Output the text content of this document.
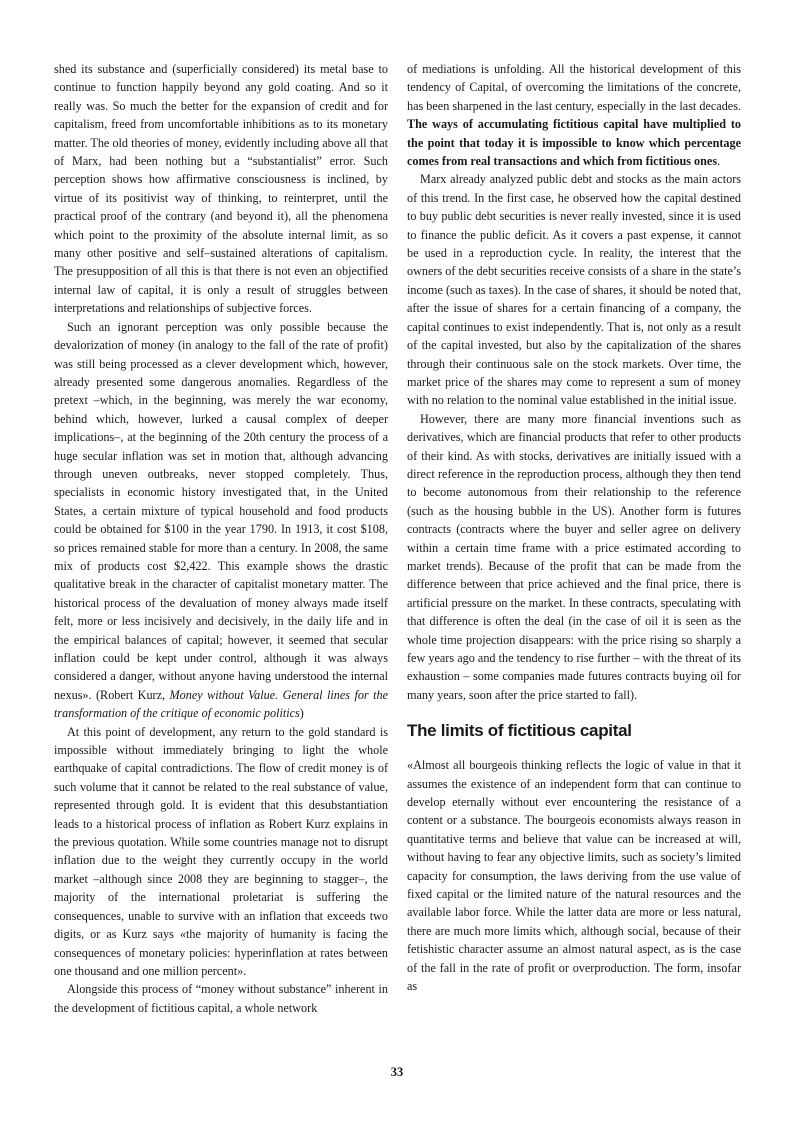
shed its substance and (superficially considered) its metal base to continue to function happily beyond any gold coating. And so it really was. So much the better for the expansion of credit and for capitalism, freed from uncomfortable inhibitions as to its monetary matter. The old theories of money, evidently including above all that of Marx, had been nothing but a “substantialist” error. Such perception shows how affirmative consciousness is inclined, by virtue of its positivist way of thinking, to reinterpret, until the practical proof of the contrary (and beyond it), all the phenomena which point to the proximity of the absolute internal limit, as so many other positive and self–sustained alterations of capitalism. The presupposition of all this is that there is not even an objectified internal law of capital, it is only a result of struggles between interpretations and relationships of subjective forces.

Such an ignorant perception was only possible because the devalorization of money (in analogy to the fall of the rate of profit) was still being processed as a clever development which, however, already presented some dangerous anomalies. Regardless of the pretext –which, in the beginning, was merely the war economy, behind which, however, lurked a causal complex of deeper implications–, at the beginning of the 20th century the process of a huge secular inflation was set in motion that, although advancing through uneven outbreaks, never stopped completely. Thus, specialists in economic history investigated that, in the United States, a certain mixture of typical household and food products could be obtained for $100 in the year 1790. In 1913, it cost $108, so prices remained stable for more than a century. In 2008, the same mix of products cost $2,422. This example shows the drastic qualitative break in the character of capitalist monetary matter. The historical process of the devaluation of money always made itself felt, more or less incisively and decisively, in the daily life and in the empirical balances of capital; however, it seemed that secular inflation could be kept under control, although it was always considered a danger, without anyone having understood the internal nexus». (Robert Kurz, Money without Value. General lines for the transformation of the critique of economic politics)

At this point of development, any return to the gold standard is impossible without immediately bringing to light the whole earthquake of capital contradictions. The flow of credit money is of such volume that it cannot be related to the real substance of value, represented through gold. It is evident that this desubstantiation leads to a historical process of inflation as Robert Kurz explains in the previous quotation. While some countries manage not to disrupt inflation due to the weight they currently occupy in the world market –although since 2008 they are beginning to stagger–, the majority of the international proletariat is suffering the consequences, unable to survive with an inflation that exceeds two digits, or as Kurz says «the majority of humanity is facing the consequences of monetary policies: hyperinflation at rates between one thousand and one million percent».

Alongside this process of “money without substance” inherent in the development of fictitious capital, a whole network

of mediations is unfolding. All the historical development of this tendency of Capital, of overcoming the limitations of the concrete, has been sharpened in the last century, especially in the last decades. The ways of accumulating fictitious capital have multiplied to the point that today it is impossible to know which percentage comes from real transactions and which from fictitious ones.

Marx already analyzed public debt and stocks as the main actors of this trend. In the first case, he observed how the capital destined to buy public debt securities is never really invested, since it is used to finance the public deficit. As it covers a past expense, it cannot be used in a reproduction cycle. In reality, the interest that the owners of the debt securities receive consists of a share in the state’s income (such as taxes). In the case of shares, it should be noted that, after the issue of shares for a certain financing of a company, the capital continues to exist independently. That is, not only as a result of the capital invested, but also by the capitalization of the shares through their continuous sale on the stock markets. Over time, the market price of the shares may come to represent a sum of money with no relation to the nominal value established in the initial issue.

However, there are many more financial inventions such as derivatives, which are financial products that refer to other products of their kind. As with stocks, derivatives are initially issued with a direct reference in the reproduction process, although they then tend to become autonomous from their relationship to the reference (such as the housing bubble in the US). Another form is futures contracts (contracts where the buyer and seller agree on delivery within a certain time frame with a price estimated according to market trends). Because of the profit that can be made from the difference between that price achieved and the final price, there is artificial pressure on the market. In these contracts, speculating with that difference is often the deal (in the case of oil it is seen as the whole time projection disappears: with the price rising so sharply a few years ago and the tendency to rise further – with the threat of its exhaustion – some companies made futures contracts buying oil for many years, soon after the price started to fall).

The limits of fictitious capital

«Almost all bourgeois thinking reflects the logic of value in that it assumes the existence of an independent form that can continue to develop eternally without ever encountering the resistance of a content or a substance. The bourgeois economists always reason in quantitative terms and believe that value can be increased at will, without having to fear any objective limits, such as society’s limited capacity for consumption, the laws deriving from the use value of fixed capital or the limited nature of the natural resources and the available labor force. While the latter data are more or less natural, there are much more limits which, although social, because of their fetishistic character assume an almost natural aspect, as is the case of the fall in the rate of profit or overproduction. The form, insofar as

33
